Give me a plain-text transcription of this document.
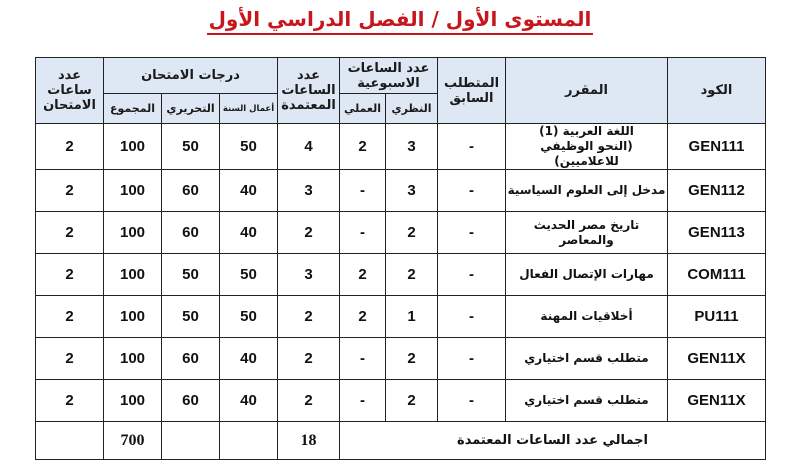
المستوى الأول / الفصل الدراسي الأول
الكود	المقرر	المتطلب السابق	عدد الساعات الاسبوعية		عدد الساعات المعتمدة	درجات الامتحان			عدد ساعات الامتحان
			النظري	العملي		أعمال السنة	التحريري	المجموع	
GEN111	اللغة العربية (1)
(النحو الوظيفي للاعلاميين)	-	3	2	4	50	50	100	2
GEN112	مدخل إلى العلوم السياسية	-	3	-	3	40	60	100	2
GEN113	تاريخ مصر الحديث
والمعاصر	-	2	-	2	40	60	100	2
COM111	مهارات الإتصال الفعال	-	2	2	3	50	50	100	2
PU111	أخلاقيات المهنة	-	1	2	2	50	50	100	2
GEN11X	متطلب قسم اختياري	-	2	-	2	40	60	100	2
GEN11X	متطلب قسم اختياري	-	2	-	2	40	60	100	2
اجمالي عدد الساعات المعتمدة					18			700	
